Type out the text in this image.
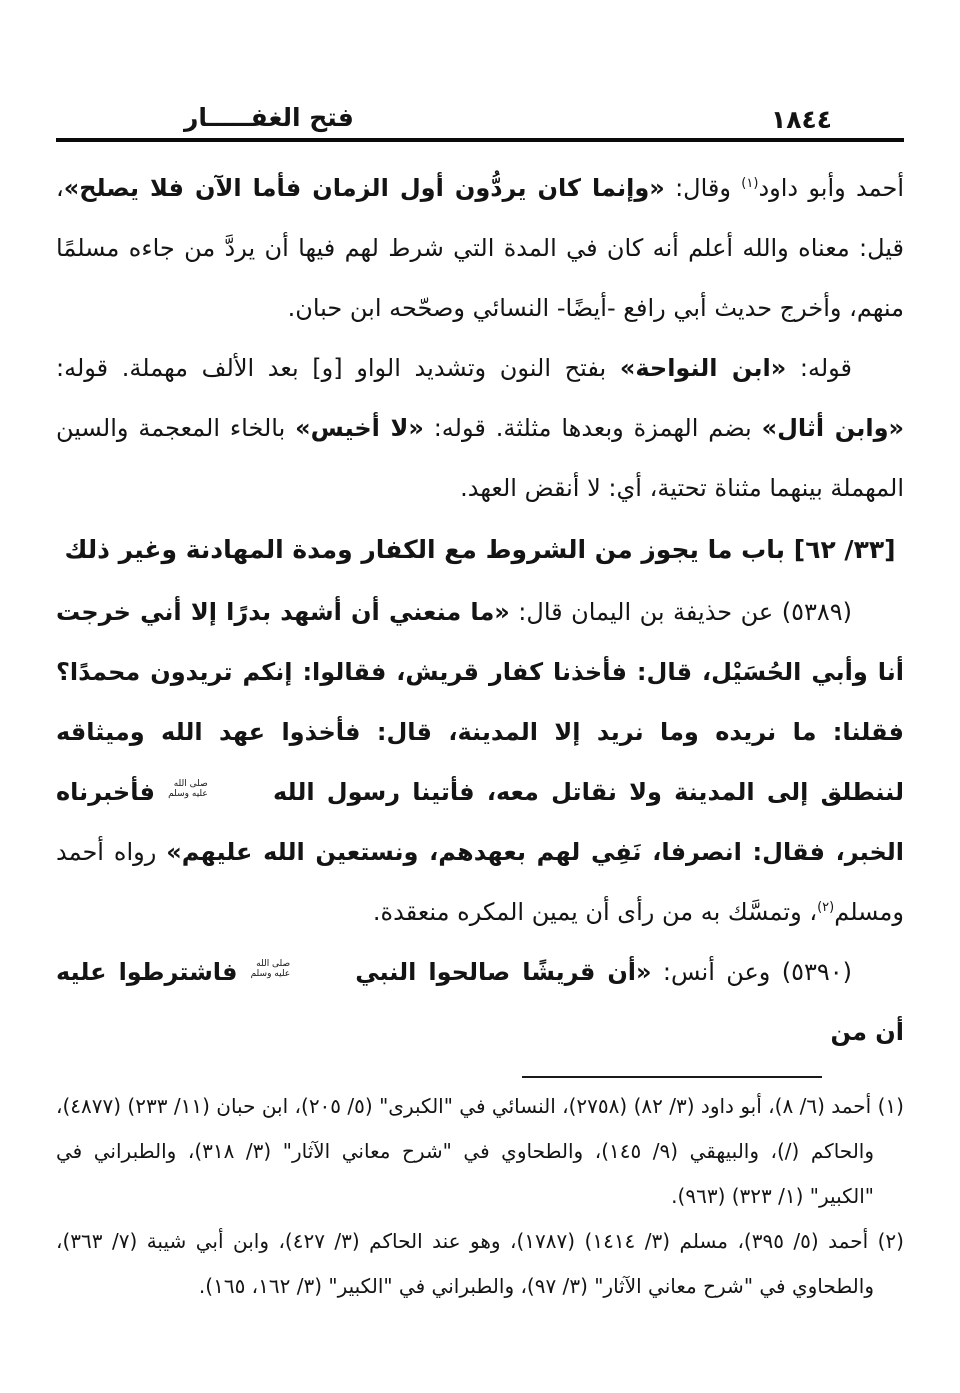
فتح الغفـــــار	١٨٤٤
أحمد وأبو داود$^{(١)}$ وقال: «وإنما كان يردُّون أول الزمان فأما الآن فلا يصلح»، قيل: معناه والله أعلم أنه كان في المدة التي شرط لهم فيها أن يردَّ من جاءه مسلمًا منهم، وأخرج حديث أبي رافع -أيضًا- النسائي وصحّحه ابن حبان.
قوله: «ابن النواحة» بفتح النون وتشديد الواو [و] بعد الألف مهملة. قوله: «وابن أثال» بضم الهمزة وبعدها مثلثة. قوله: «لا أخيس» بالخاء المعجمة والسين المهملة بينهما مثناة تحتية، أي: لا أنقض العهد.
[٣٣/ ٦٢] باب ما يجوز من الشروط مع الكفار ومدة المهادنة وغير ذلك
(٥٣٨٩) عن حذيفة بن اليمان قال: «ما منعني أن أشهد بدرًا إلا أني خرجت أنا وأبي الحُسَيْل، قال: فأخذنا كفار قريش، فقالوا: إنكم تريدون محمدًا؟ فقلنا: ما نريده وما نريد إلا المدينة، قال: فأخذوا عهد الله وميثاقه لننطلق إلى المدينة ولا نقاتل معه، فأتينا رسول الله
صلى الله
عليه وسلم
فأخبرناه الخبر، فقال: انصرفا، نَفِي لهم بعهدهم، ونستعين الله عليهم» رواه أحمد ومسلم$^{(٢)}$، وتمسَّك به من رأى أن يمين المكره منعقدة.
(٥٣٩٠) وعن أنس: «أن قريشًا صالحوا النبي
صلى الله
عليه وسلم
فاشترطوا عليه أن من
(١) أحمد (٦/ ٨)، أبو داود (٣/ ٨٢) (٢٧٥٨)، النسائي في "الكبرى" (٥/ ٢٠٥)، ابن حبان (١١/ ٢٣٣) (٤٨٧٧)، والحاكم (/)، والبيهقي (٩/ ١٤٥)، والطحاوي في "شرح معاني الآثار" (٣/ ٣١٨)، والطبراني في "الكبير" (١/ ٣٢٣) (٩٦٣).
(٢) أحمد (٥/ ٣٩٥)، مسلم (٣/ ١٤١٤) (١٧٨٧)، وهو عند الحاكم (٣/ ٤٢٧)، وابن أبي شيبة (٧/ ٣٦٣)، والطحاوي في "شرح معاني الآثار" (٣/ ٩٧)، والطبراني في "الكبير" (٣/ ١٦٢، ١٦٥).
